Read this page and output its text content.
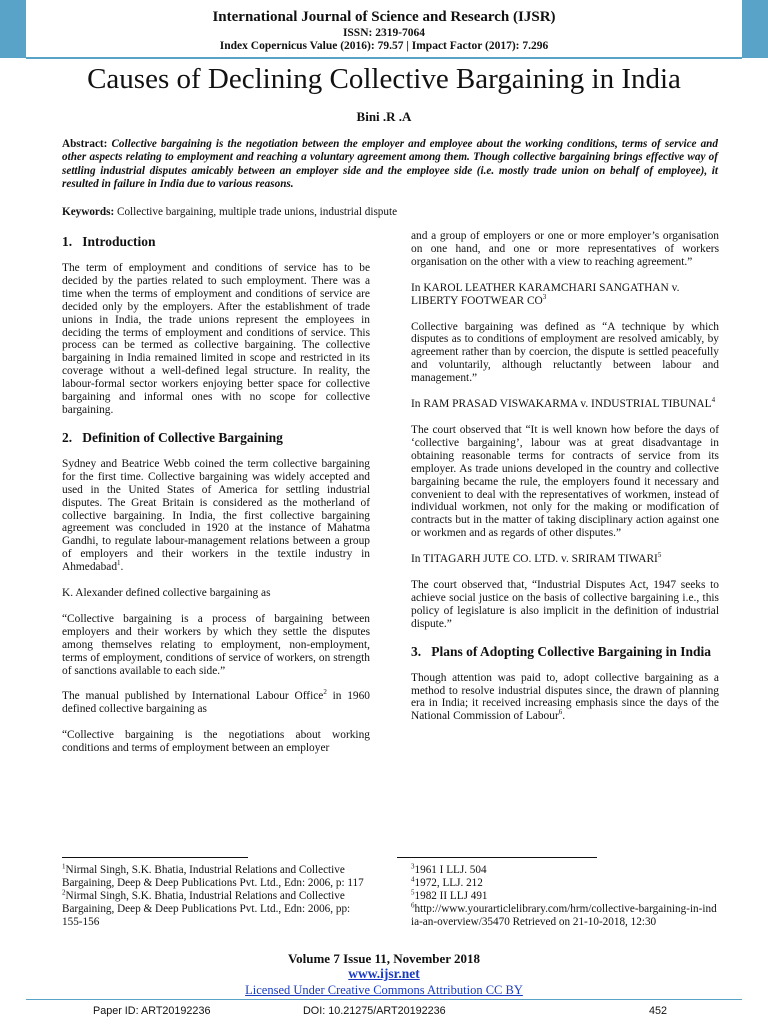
International Journal of Science and Research (IJSR)
ISSN: 2319-7064
Index Copernicus Value (2016): 79.57 | Impact Factor (2017): 7.296
Causes of Declining Collective Bargaining in India
Bini .R .A
Abstract: Collective bargaining is the negotiation between the employer and employee about the working conditions, terms of service and other aspects relating to employment and reaching a voluntary agreement among them. Though collective bargaining brings effective way of settling industrial disputes amicably between an employer side and the employee side (i.e. mostly trade union on behalf of employee), it resulted in failure in India due to various reasons.
Keywords: Collective bargaining, multiple trade unions, industrial dispute
1.   Introduction

The term of employment and conditions of service has to be decided by the parties related to such employment. There was a time when the terms of employment and conditions of service are decided only by the employers. After the establishment of trade unions in India, the trade unions represent the employees in deciding the terms of employment and conditions of service. This process can be termed as collective bargaining. The collective bargaining in India remained limited in scope and restricted in its coverage without a well-defined legal structure. In reality, the labour-formal sector workers enjoying better space for collective bargaining and informal ones with no scope for collective bargaining.

2.   Definition of Collective Bargaining

Sydney and Beatrice Webb coined the term collective bargaining for the first time. Collective bargaining was widely accepted and used in the United States of America for settling industrial disputes. The Great Britain is considered as the motherland of collective bargaining. In India, the first collective bargaining agreement was concluded in 1920 at the instance of Mahatma Gandhi, to regulate labour-management relations between a group of employers and their workers in the textile industry in Ahmedabad$^1$.

K. Alexander defined collective bargaining as

“Collective bargaining is a process of bargaining between employers and their workers by which they settle the disputes among themselves relating to employment, non-employment, terms of employment, conditions of service of workers, on strength of sanctions available to each side.”

The manual published by International Labour Office$^2$ in 1960 defined collective bargaining as

“Collective bargaining is the negotiations about working conditions and terms of employment between an employer

and a group of employers or one or more employer’s organisation on one hand, and one or more representatives of workers organisation on the other with a view to reaching agreement.”

In KAROL LEATHER KARAMCHARI SANGATHAN v. LIBERTY FOOTWEAR $CO^3$

Collective bargaining was defined as “A technique by which disputes as to conditions of employment are resolved amicably, by agreement rather than by coercion, the dispute is settled peacefully and voluntarily, although reluctantly between labour and management.”

In RAM PRASAD VISWAKARMA v. INDUSTRIAL TIBUNAL$^4$

The court observed that “It is well known how before the days of ‘collective bargaining’, labour was at great disadvantage in obtaining reasonable terms for contracts of service from its employer. As trade unions developed in the country and collective bargaining became the rule, the employers found it necessary and convenient to deal with the representatives of workmen, instead of individual workmen, not only for the making or modification of contracts but in the matter of taking disciplinary action against one or workmen and as regards of other disputes.”

In TITAGARH JUTE CO. LTD. v. SRIRAM TIWARI$^5$

The court observed that, “Industrial Disputes Act, 1947 seeks to achieve social justice on the basis of collective bargaining i.e., this policy of legislature is also implicit in the definition of industrial dispute.”

3.   Plans of Adopting Collective Bargaining in India

Though attention was paid to, adopt collective bargaining as a method to resolve industrial disputes since, the drawn of planning era in India; it received increasing emphasis since the days of the National Commission of Labour$^6$.

$^1$Nirmal Singh, S.K. Bhatia, Industrial Relations and Collective Bargaining, Deep & Deep Publications Pvt. Ltd., Edn: 2006, p: 117
$^2$Nirmal Singh, S.K. Bhatia, Industrial Relations and Collective Bargaining, Deep & Deep Publications Pvt. Ltd., Edn: 2006, pp: 155-156
$^3$1961 I LLJ. 504
$^4$1972, LLJ. 212
$^5$1982 II LLJ 491
$^6$http://www.yourarticlelibrary.com/hrm/collective-bargaining-in-india-an-overview/35470 Retrieved on 21-10-2018, 12:30
Volume 7 Issue 11, November 2018
www.ijsr.net
Licensed Under Creative Commons Attribution CC BY
Paper ID: ART20192236	DOI: 10.21275/ART20192236	452
